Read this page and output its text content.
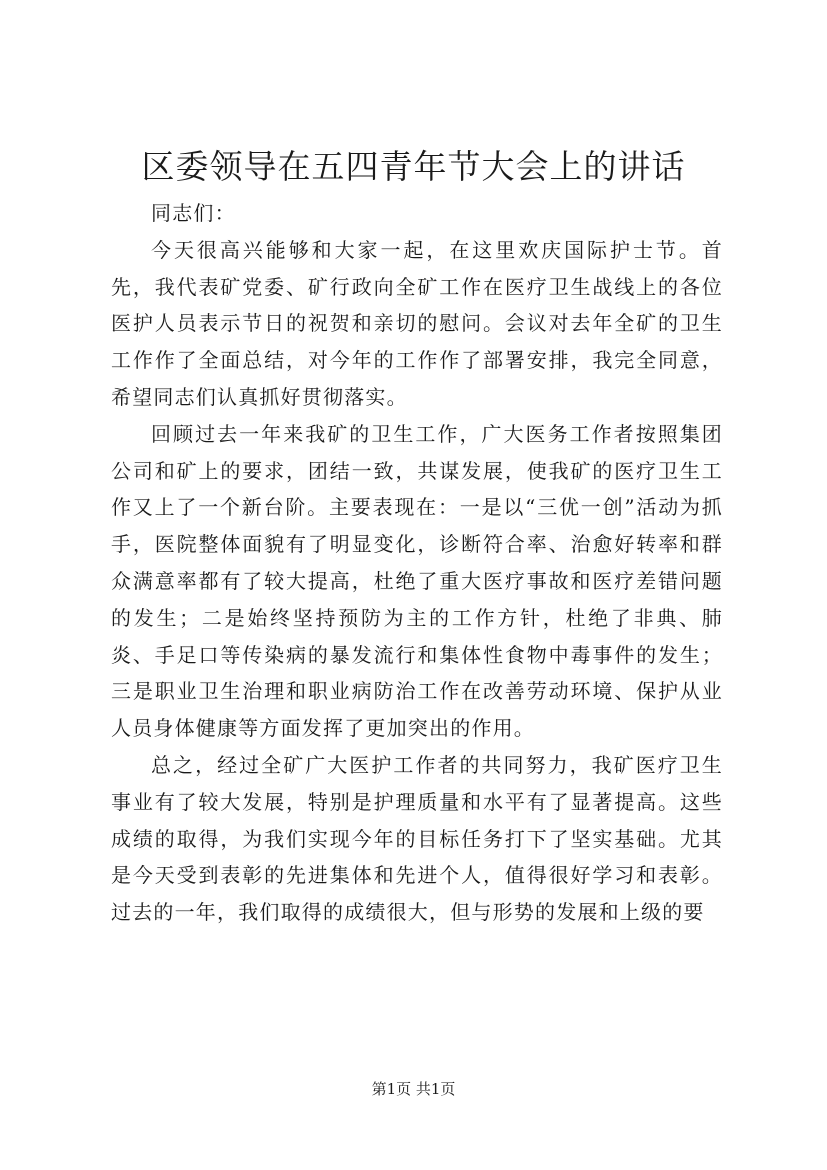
区委领导在五四青年节大会上的讲话

同志们：

今天很高兴能够和大家一起，在这里欢庆国际护士节。首先，我代表矿党委、矿行政向全矿工作在医疗卫生战线上的各位医护人员表示节日的祝贺和亲切的慰问。会议对去年全矿的卫生工作作了全面总结，对今年的工作作了部署安排，我完全同意，希望同志们认真抓好贯彻落实。

回顾过去一年来我矿的卫生工作，广大医务工作者按照集团公司和矿上的要求，团结一致，共谋发展，使我矿的医疗卫生工作又上了一个新台阶。主要表现在：一是以“三优一创”活动为抓手，医院整体面貌有了明显变化，诊断符合率、治愈好转率和群众满意率都有了较大提高，杜绝了重大医疗事故和医疗差错问题的发生；二是始终坚持预防为主的工作方针，杜绝了非典、肺炎、手足口等传染病的暴发流行和集体性食物中毒事件的发生；三是职业卫生治理和职业病防治工作在改善劳动环境、保护从业人员身体健康等方面发挥了更加突出的作用。

总之，经过全矿广大医护工作者的共同努力，我矿医疗卫生事业有了较大发展，特别是护理质量和水平有了显著提高。这些成绩的取得，为我们实现今年的目标任务打下了坚实基础。尤其是今天受到表彰的先进集体和先进个人，值得很好学习和表彰。过去的一年，我们取得的成绩很大，但与形势的发展和上级的要

第1页 共1页
